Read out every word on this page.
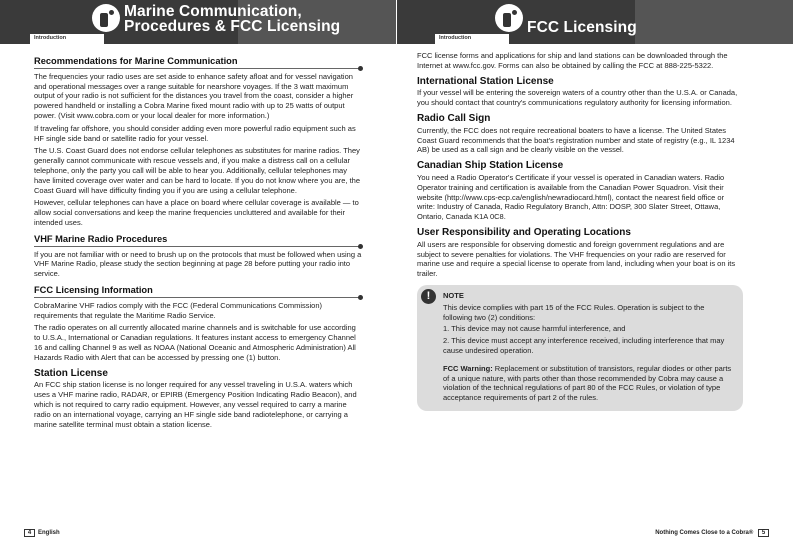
Introduction
Marine Communication,
Procedures & FCC Licensing
Recommendations for Marine Communication

The frequencies your radio uses are set aside to enhance safety afloat and for vessel navigation and operational messages over a range suitable for nearshore voyages. If the 3 watt maximum output of your radio is not sufficient for the distances you travel from the coast, consider a higher powered handheld or installing a Cobra Marine fixed mount radio with up to 25 watts of output power. (Visit www.cobra.com or your local dealer for more information.)

If traveling far offshore, you should consider adding even more powerful radio equipment such as HF single side band or satellite radio for your vessel.

The U.S. Coast Guard does not endorse cellular telephones as substitutes for marine radios. They generally cannot communicate with rescue vessels and, if you make a distress call on a cellular telephone, only the party you call will be able to hear you. Additionally, cellular telephones may have limited coverage over water and can be hard to locate. If you do not know where you are, the Coast Guard will have difficulty finding you if you are using a cellular telephone.

However, cellular telephones can have a place on board where cellular coverage is available — to allow social conversations and keep the marine frequencies uncluttered and available for their intended uses.

VHF Marine Radio Procedures

If you are not familiar with or need to brush up on the protocols that must be followed when using a VHF Marine Radio, please study the section beginning at page 28 before putting your radio into service.

FCC Licensing Information

CobraMarine VHF radios comply with the FCC (Federal Communications Commission) requirements that regulate the Maritime Radio Service.

The radio operates on all currently allocated marine channels and is switchable for use according to U.S.A., International or Canadian regulations. It features instant access to emergency Channel 16 and calling Channel 9 as well as NOAA (National Oceanic and Atmospheric Administration) All Hazards Radio with Alert that can be accessed by pressing one (1) button.

Station License

An FCC ship station license is no longer required for any vessel traveling in U.S.A. waters which uses a VHF marine radio, RADAR, or EPIRB (Emergency Position Indicating Radio Beacon), and which is not required to carry radio equipment. However, any vessel required to carry a marine radio on an international voyage, carrying an HF single side band radiotelephone, or carrying a marine satellite terminal must obtain a station license.

4 English
Introduction
FCC Licensing

FCC license forms and applications for ship and land stations can be downloaded through the Internet at www.fcc.gov. Forms can also be obtained by calling the FCC at 888-225-5322.

International Station License

If your vessel will be entering the sovereign waters of a country other than the U.S.A. or Canada, you should contact that country's communications regulatory authority for licensing information.

Radio Call Sign

Currently, the FCC does not require recreational boaters to have a license. The United States Coast Guard recommends that the boat's registration number and state of registry (e.g., IL 1234 AB) be used as a call sign and be clearly visible on the vessel.

Canadian Ship Station License

You need a Radio Operator's Certificate if your vessel is operated in Canadian waters. Radio Operator training and certification is available from the Canadian Power Squadron. Visit their website (http://www.cps-ecp.ca/english/newradiocard.html), contact the nearest field office or write: Industry of Canada, Radio Regulatory Branch, Attn: DOSP, 300 Slater Street, Ottawa, Ontario, Canada K1A 0C8.

User Responsibility and Operating Locations

All users are responsible for observing domestic and foreign government regulations and are subject to severe penalties for violations. The VHF frequencies on your radio are reserved for marine use and require a special license to operate from land, including when your boat is on its trailer.

!	NOTE

This device complies with part 15 of the FCC Rules. Operation is subject to the following two (2) conditions:

1. This device may not cause harmful interference, and

2. This device must accept any interference received, including interference that may cause undesired operation.

FCC Warning: Replacement or substitution of transistors, regular diodes or other parts of a unique nature, with parts other than those recommended by Cobra may cause a violation of the technical regulations of part 80 of the FCC Rules, or violation of type acceptance requirements of part 2 of the rules.

Nothing Comes Close to a Cobra® 5
